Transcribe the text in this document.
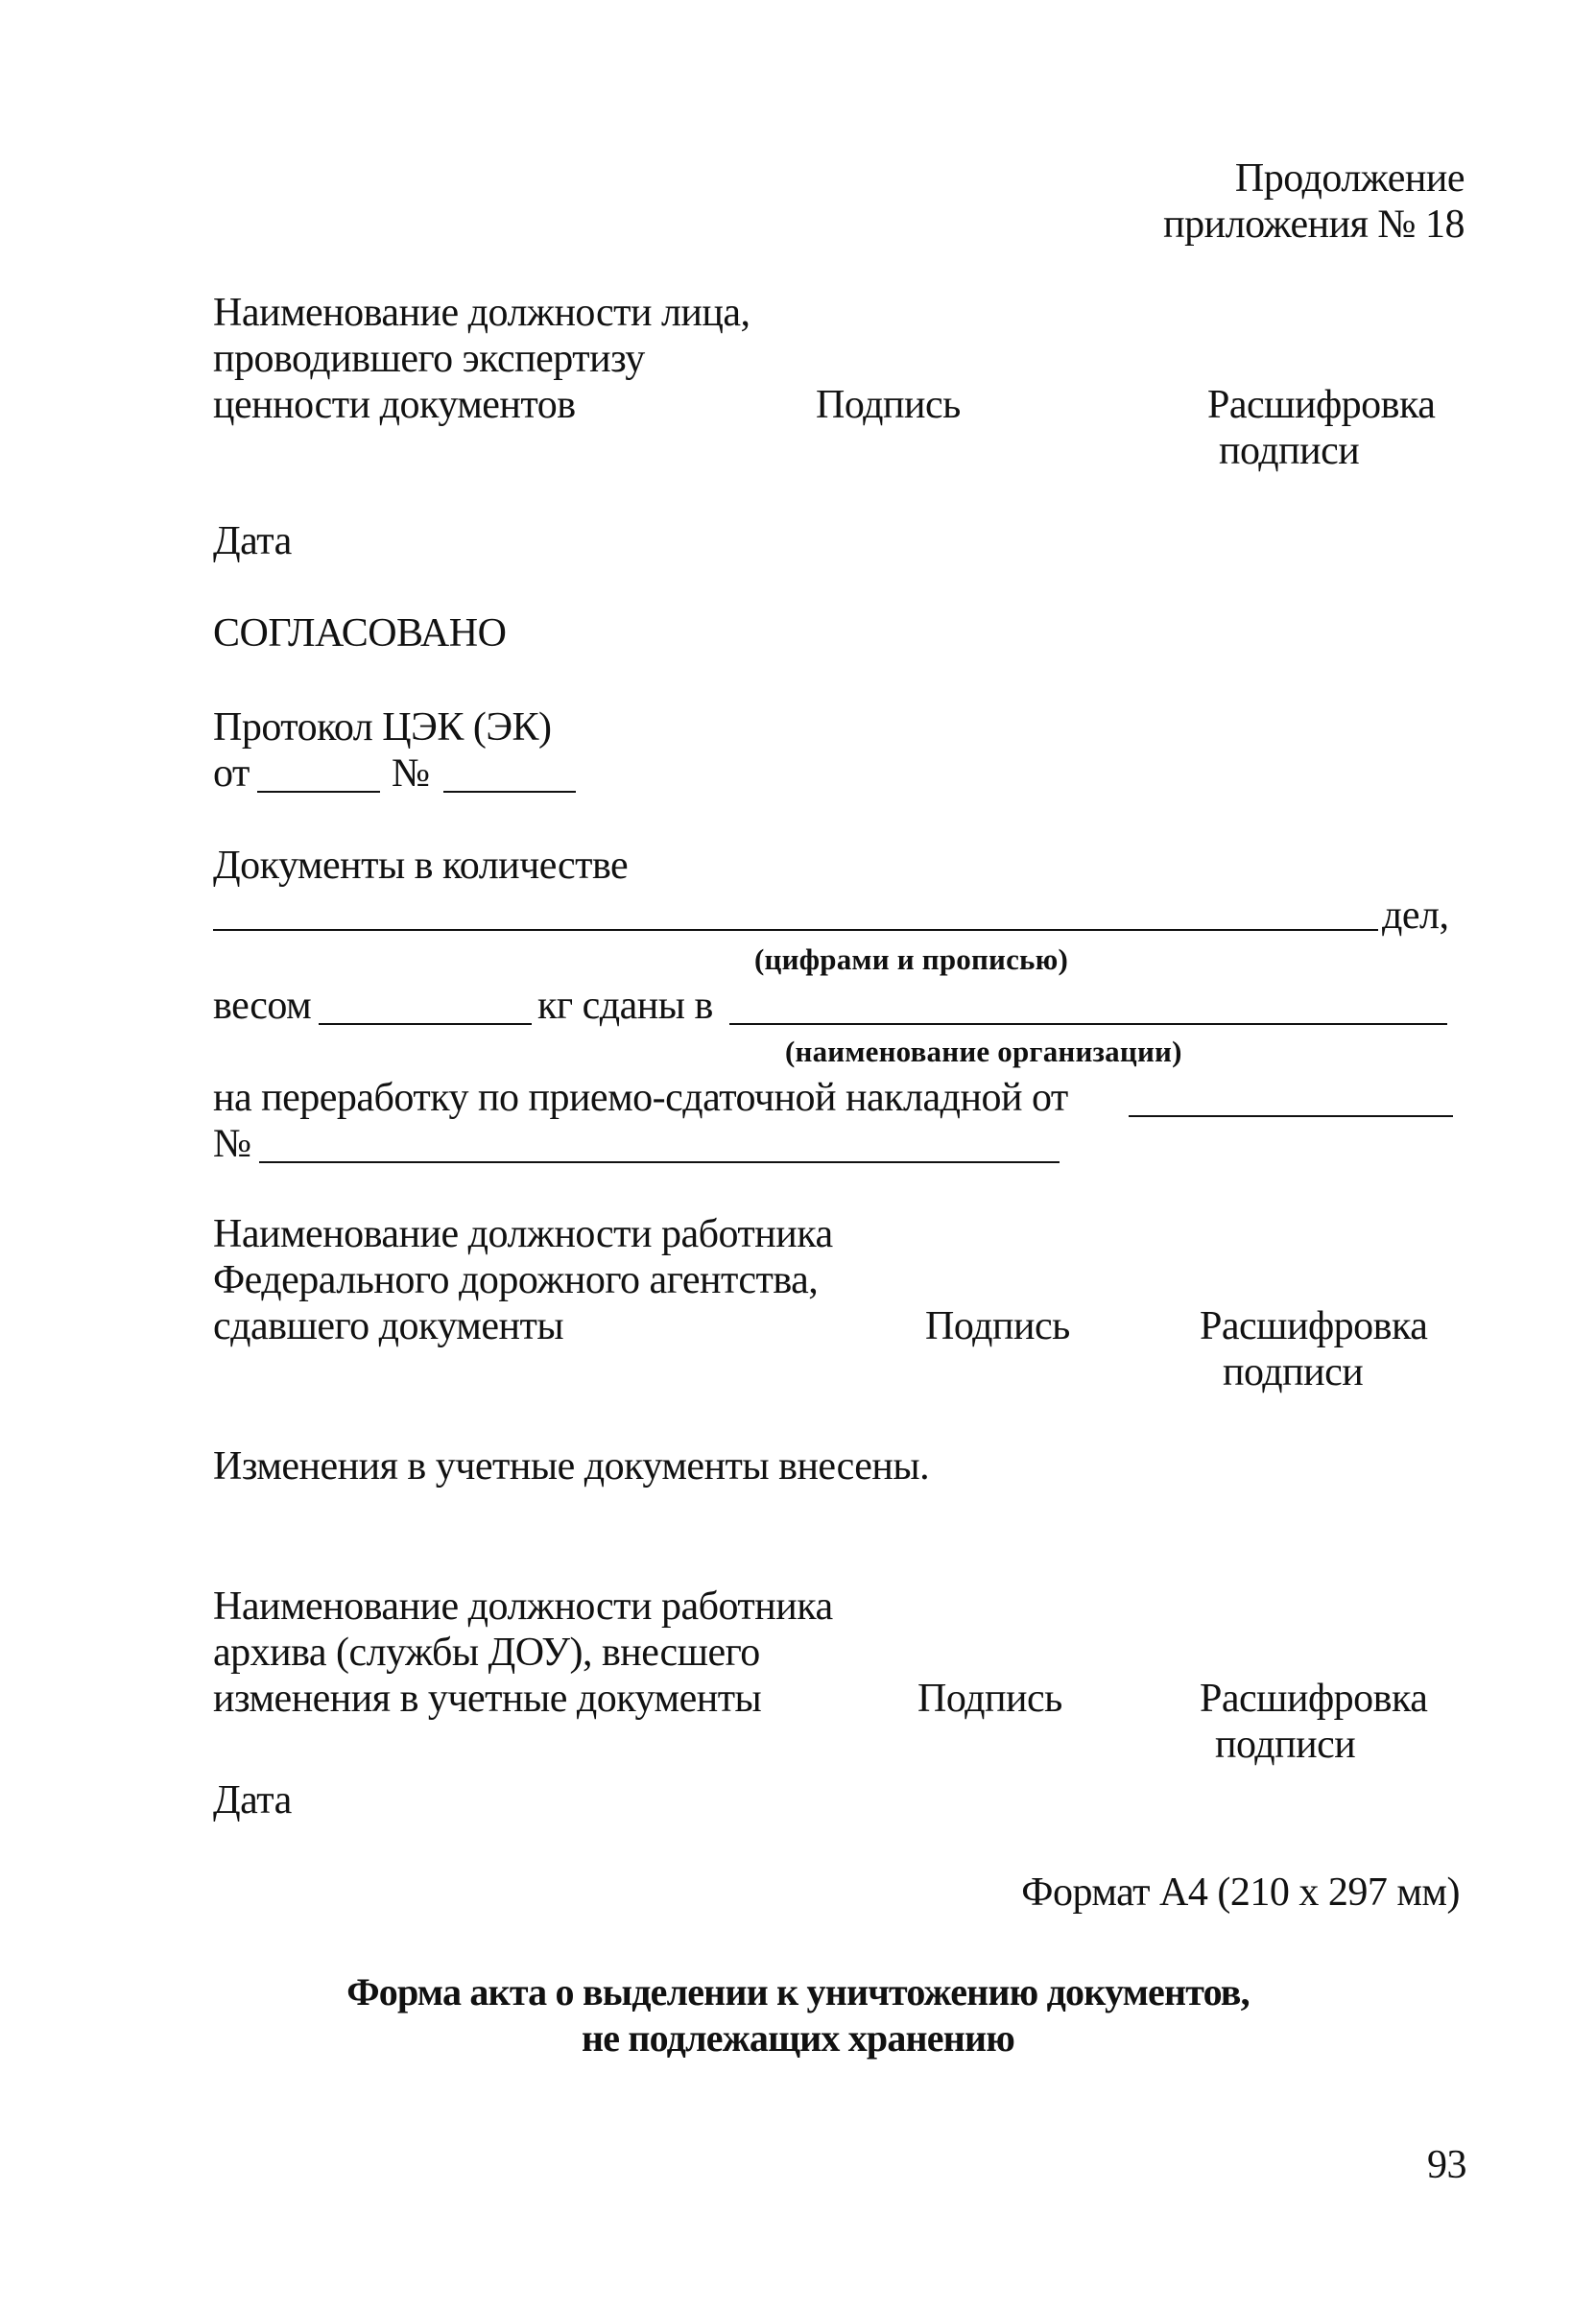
Продолжение
приложения № 18
Наименование должности лица,
проводившего экспертизу
ценности документов	Подпись	Расшифровка
подписи
Дата
СОГЛАСОВАНО
Протокол ЦЭК (ЭК)
от	№
Документы в количестве
дел,
(цифрами и прописью)
весом	кг сданы в
(наименование организации)
на переработку по приемо-сдаточной накладной от
№
Наименование должности работника
Федерального дорожного агентства,
сдавшего документы	Подпись	Расшифровка
подписи
Изменения в учетные документы внесены.
Наименование должности работника
архива (службы ДОУ), внесшего
изменения в учетные документы	Подпись	Расшифровка
подписи
Дата
Формат А4 (210 x 297 мм)
Форма акта о выделении к уничтожению документов,
не подлежащих хранению
93
